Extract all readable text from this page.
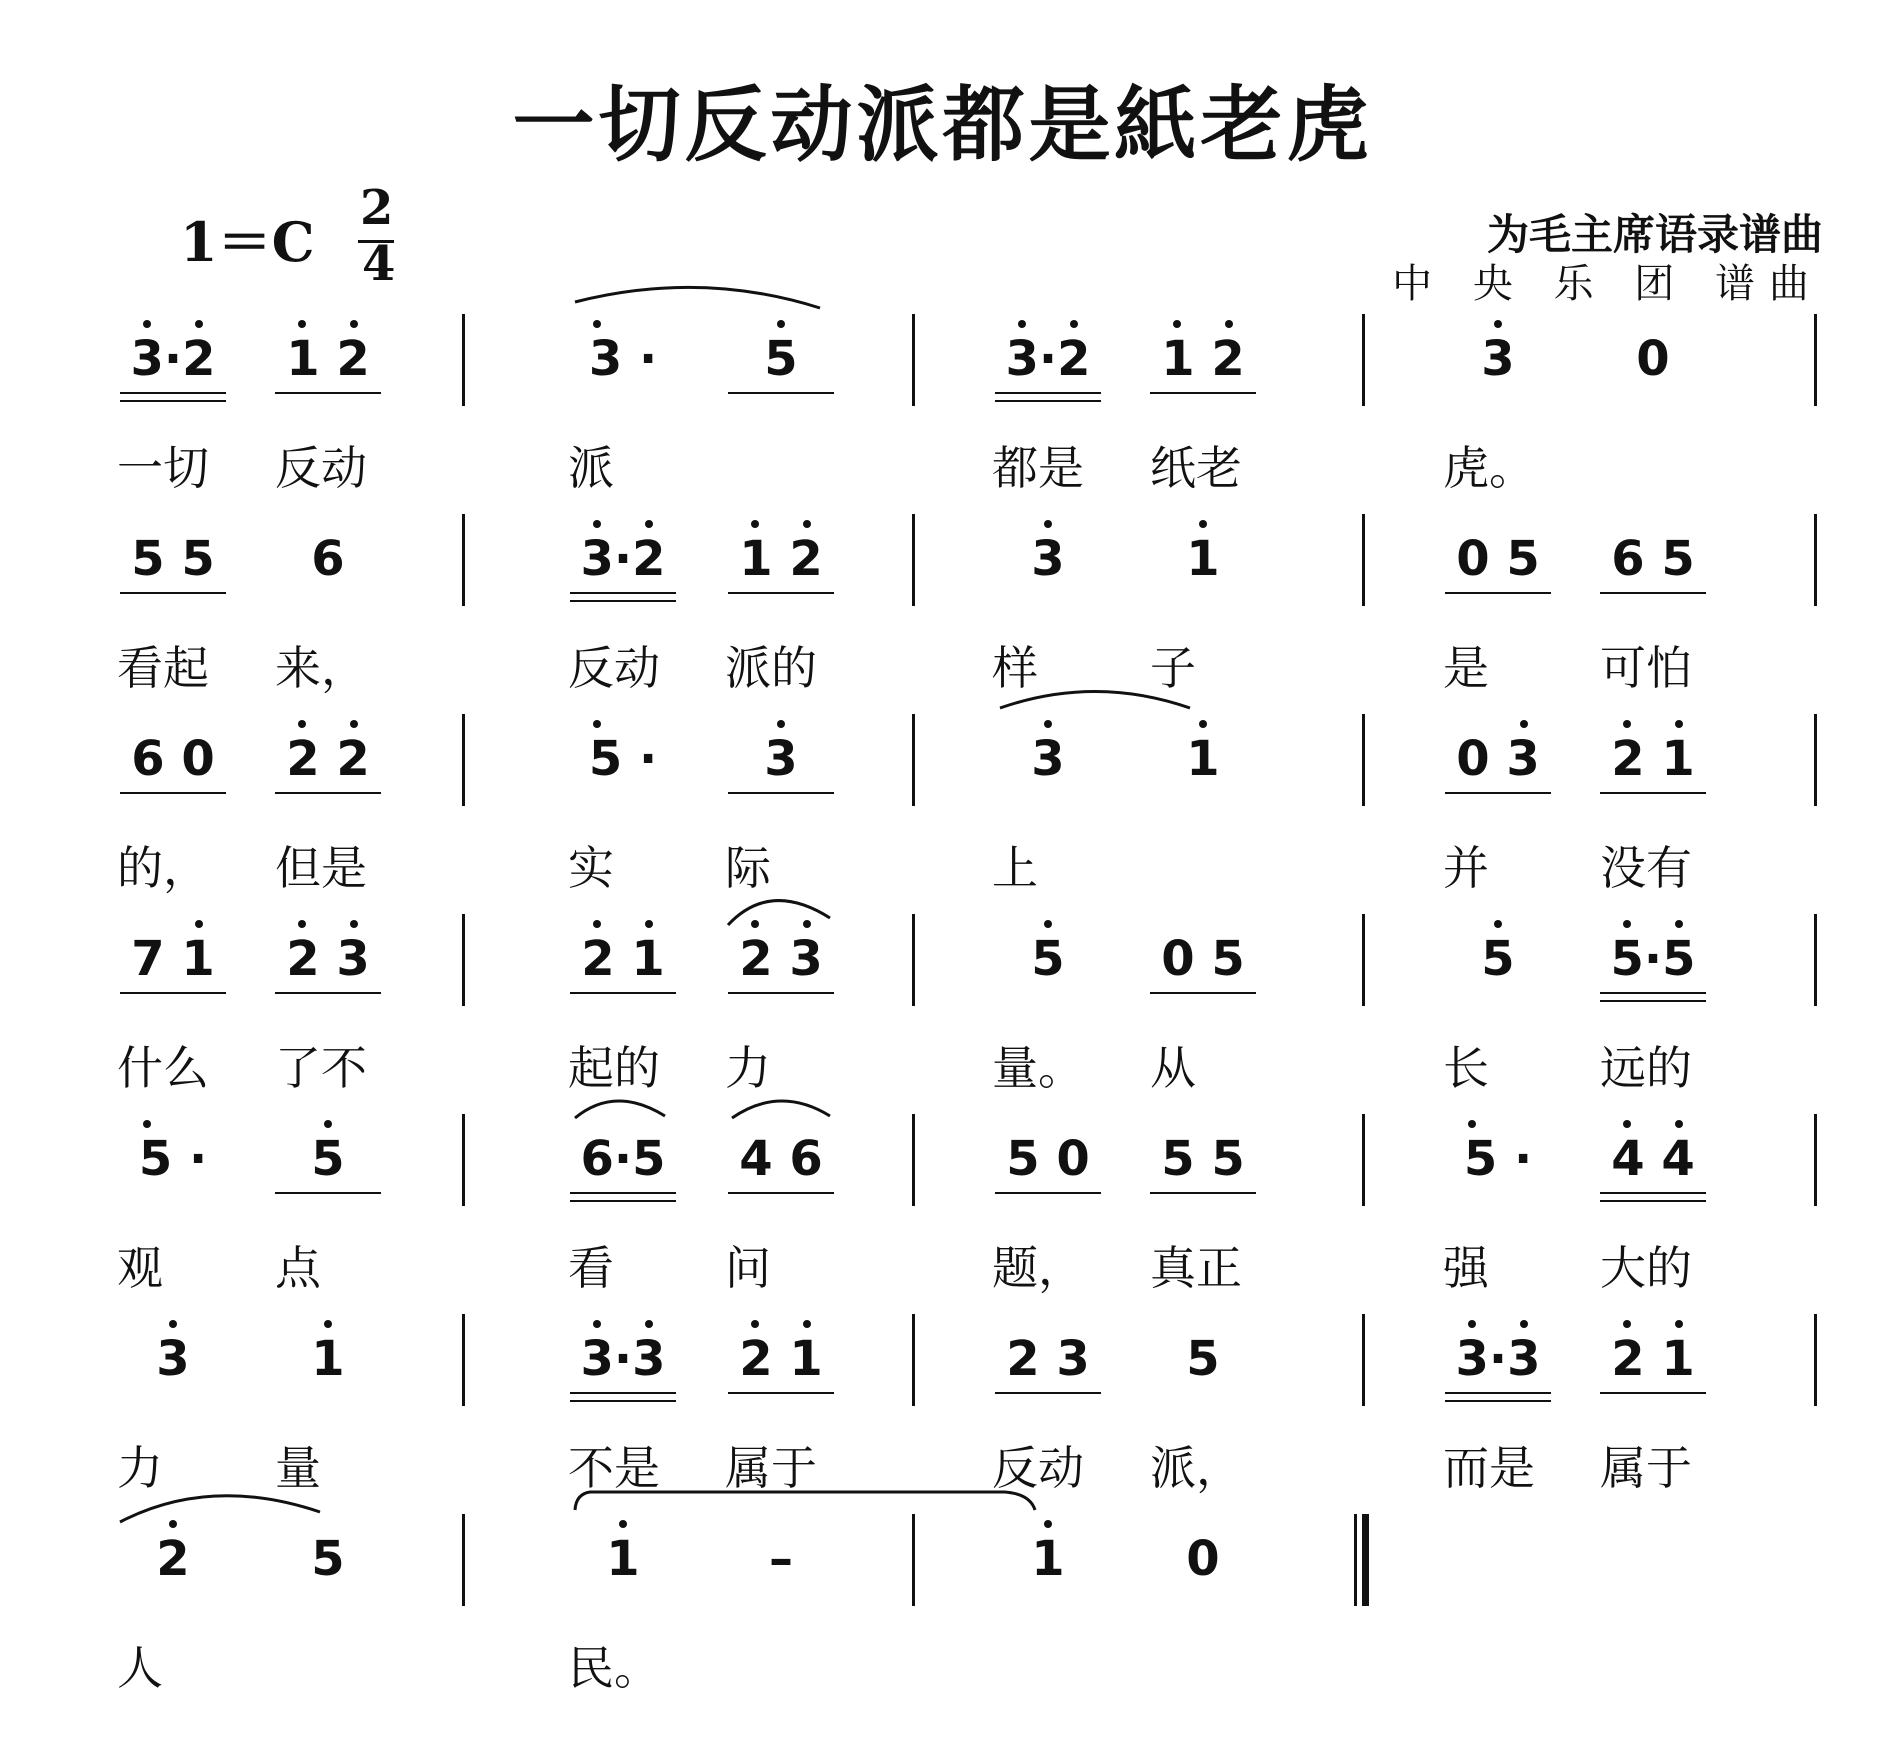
一切反动派都是紙老虎
1＝C
2
4
为毛主席语录谱曲
中 央 乐 团 谱曲
3·2 1 2
一切 反动
3 ·	5
派
3·2 1 2
都是 纸老
3	0
虎。
5 5	6
看起 来，
3·2 1 2
反动 派的
3	1
样 子
0 5 6 5
是 可怕
6 0 2 2
的， 但是
5 ·	3
实 际
3	1
上
0 3 2 1
并 没有
7 1 2 3
什么 了不
2 1 2 3
起的 力
5	0 5
量。 从
5	5·5
长 远的
5 ·	5
观 点
6·5 4 6
看 问
5 0 5 5
题， 真正
5 ·	4 4
强 大的
3	1
力 量
3·3 2 1
不是 属于
2 3	5
反动 派，
3·3 2 1
而是 属于
2	5
人
1	–
民。
1	0
